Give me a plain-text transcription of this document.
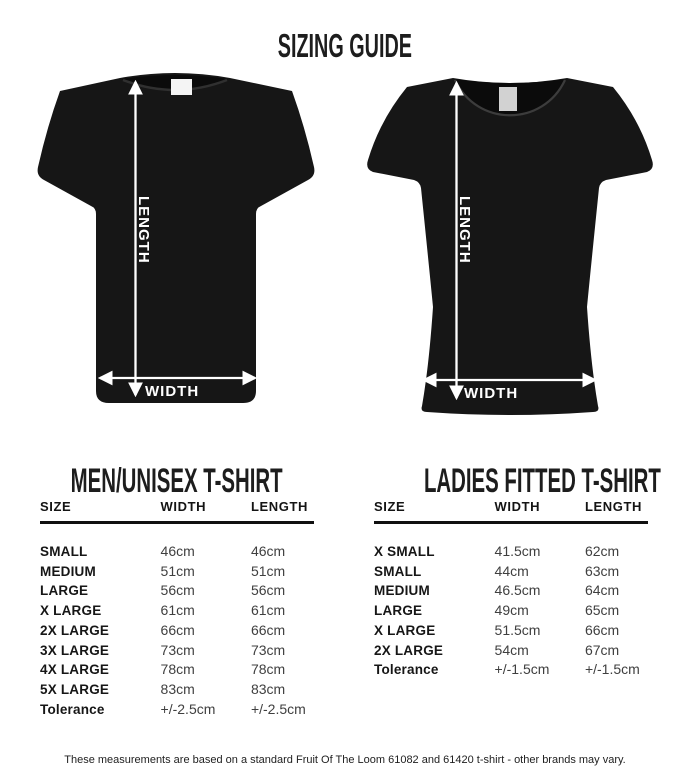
SIZING GUIDE
LENGTH
WIDTH
LENGTH
WIDTH
MEN/UNISEX T-SHIRT	LADIES FITTED T-SHIRT
SIZE	WIDTH	LENGTH
SMALL	46cm	46cm
MEDIUM	51cm	51cm
LARGE	56cm	56cm
X LARGE	61cm	61cm
2X LARGE	66cm	66cm
3X LARGE	73cm	73cm
4X LARGE	78cm	78cm
5X LARGE	83cm	83cm
Tolerance	+/-2.5cm	+/-2.5cm
SIZE	WIDTH	LENGTH
X SMALL	41.5cm	62cm
SMALL	44cm	63cm
MEDIUM	46.5cm	64cm
LARGE	49cm	65cm
X LARGE	51.5cm	66cm
2X LARGE	54cm	67cm
Tolerance	+/-1.5cm	+/-1.5cm
These measurements are based on a standard Fruit Of The Loom 61082 and 61420 t-shirt - other brands may vary.
